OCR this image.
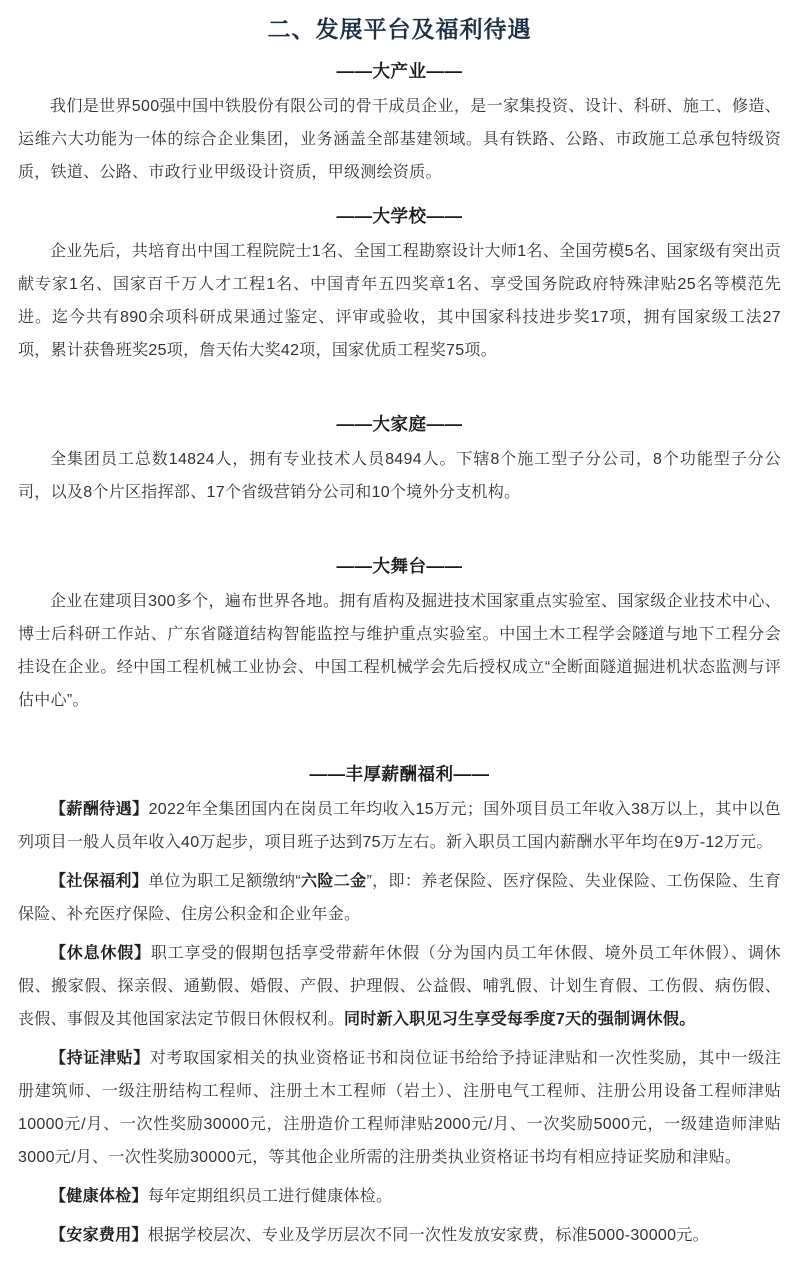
二、发展平台及福利待遇
——大产业——

我们是世界500强中国中铁股份有限公司的骨干成员企业，是一家集投资、设计、科研、施工、修造、运维六大功能为一体的综合企业集团，业务涵盖全部基建领域。具有铁路、公路、市政施工总承包特级资质，铁道、公路、市政行业甲级设计资质，甲级测绘资质。

——大学校——

企业先后，共培育出中国工程院院士1名、全国工程勘察设计大师1名、全国劳模5名、国家级有突出贡献专家1名、国家百千万人才工程1名、中国青年五四奖章1名、享受国务院政府特殊津贴25名等模范先进。迄今共有890余项科研成果通过鉴定、评审或验收，其中国家科技进步奖17项，拥有国家级工法27项，累计获鲁班奖25项，詹天佑大奖42项，国家优质工程奖75项。

——大家庭——

全集团员工总数14824人，拥有专业技术人员8494人。下辖8个施工型子分公司，8个功能型子分公司，以及8个片区指挥部、17个省级营销分公司和10个境外分支机构。

——大舞台——

企业在建项目300多个，遍布世界各地。拥有盾构及掘进技术国家重点实验室、国家级企业技术中心、博士后科研工作站、广东省隧道结构智能监控与维护重点实验室。中国土木工程学会隧道与地下工程分会挂设在企业。经中国工程机械工业协会、中国工程机械学会先后授权成立“全断面隧道掘进机状态监测与评估中心”。

——丰厚薪酬福利——

【薪酬待遇】2022年全集团国内在岗员工年均收入15万元；国外项目员工年收入38万以上，其中以色列项目一般人员年收入40万起步，项目班子达到75万左右。新入职员工国内薪酬水平年均在9万-12万元。

【社保福利】单位为职工足额缴纳“六险二金”，即：养老保险、医疗保险、失业保险、工伤保险、生育保险、补充医疗保险、住房公积金和企业年金。

【休息休假】职工享受的假期包括享受带薪年休假（分为国内员工年休假、境外员工年休假）、调休假、搬家假、探亲假、通勤假、婚假、产假、护理假、公益假、哺乳假、计划生育假、工伤假、病伤假、丧假、事假及其他国家法定节假日休假权利。同时新入职见习生享受每季度7天的强制调休假。

【持证津贴】对考取国家相关的执业资格证书和岗位证书给给予持证津贴和一次性奖励，其中一级注册建筑师、一级注册结构工程师、注册土木工程师（岩土）、注册电气工程师、注册公用设备工程师津贴10000元/月、一次性奖励30000元，注册造价工程师津贴2000元/月、一次奖励5000元，一级建造师津贴3000元/月、一次性奖励30000元，等其他企业所需的注册类执业资格证书均有相应持证奖励和津贴。

【健康体检】每年定期组织员工进行健康体检。

【安家费用】根据学校层次、专业及学历层次不同一次性发放安家费，标准5000-30000元。
